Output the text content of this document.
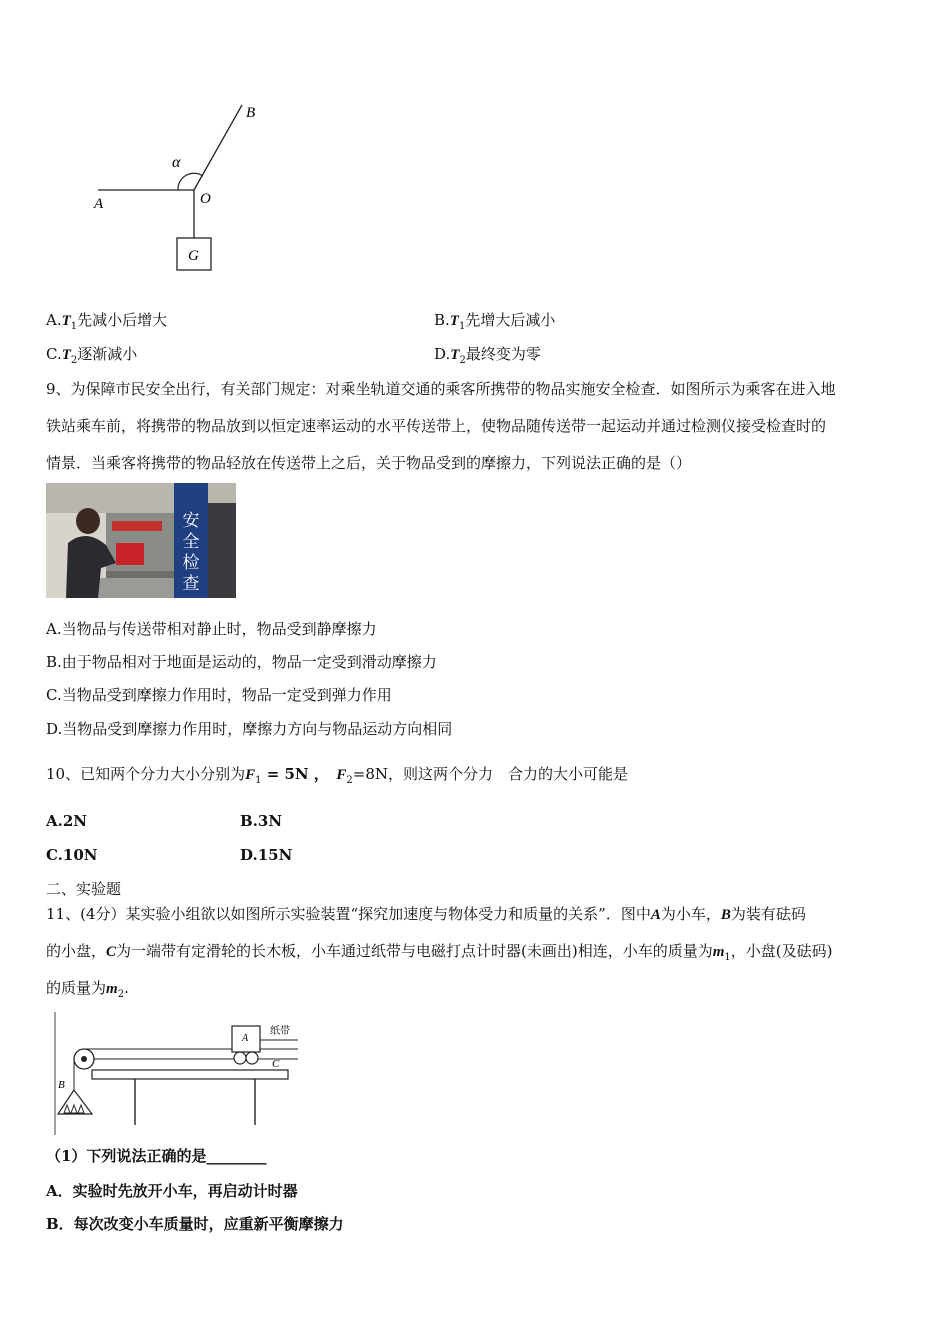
A
B
O
G
α
$A.T_1$先减小后增大	$B.T_1$先增大后减小
$C.T_2$逐渐减小	$D.T_2$最终变为零
9、为保障市民安全出行，有关部门规定：对乘坐轨道交通的乘客所携带的物品实施安全检查．如图所示为乘客在进入地
铁站乘车前，将携带的物品放到以恒定速率运动的水平传送带上，使物品随传送带一起运动并通过检测仪接受检查时的
情景．当乘客将携带的物品轻放在传送带上之后，关于物品受到的摩擦力，下列说法正确的是（）
安
全
检
查
A.当物品与传送带相对静止时，物品受到静摩擦力
B.由于物品相对于地面是运动的，物品一定受到滑动摩擦力
C.当物品受到摩擦力作用时，物品一定受到弹力作用
D.当物品受到摩擦力作用时，摩擦力方向与物品运动方向相同
10、已知两个分力大小分别为$F_1 = 5N$ ，　 $F_2=8N$，则这两个分力　合力的大小可能是
A.2N	B.3N
C.10N	D.15N
二、实验题
11、(4分）某实验小组欲以如图所示实验装置“探究加速度与物体受力和质量的关系”．图中A为小车，B为装有砝码
的小盘，C为一端带有定滑轮的长木板，小车通过纸带与电磁打点计时器(未画出)相连，小车的质量为$m_1$，小盘(及砝码)
的质量为$m_2$.
A
纸带
C
B
（1）下列说法正确的是________
A．实验时先放开小车，再启动计时器
B．每次改变小车质量时，应重新平衡摩擦力
